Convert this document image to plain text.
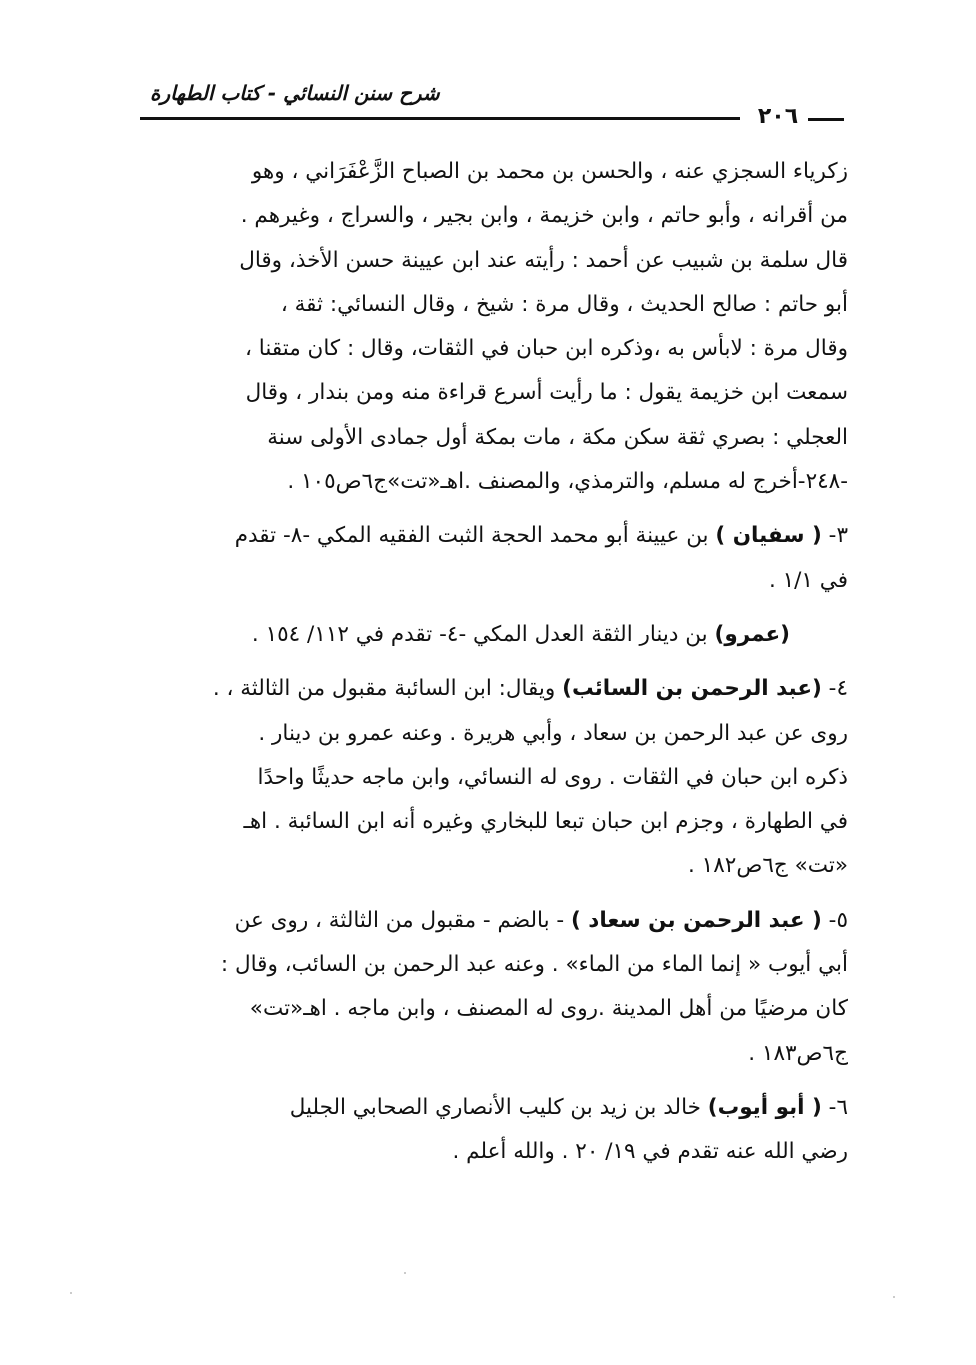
شرح سنن النسائي - كتاب الطهارة
٢٠٦
زكرياء السجزي عنه ، والحسن بن محمد بن الصباح الزَّعْفَرَاني ، وهو
من أقرانه ، وأبو حاتم ، وابن خزيمة ، وابن بجير ، والسراج ، وغيرهم .
قال سلمة بن شبيب عن أحمد : رأيته عند ابن عيينة حسن الأخذ، وقال
أبو حاتم : صالح الحديث ، وقال مرة : شيخ ، وقال النسائي: ثقة ،
وقال مرة : لابأس به ،وذكره ابن حبان في الثقات، وقال : كان متقنا ،
سمعت ابن خزيمة يقول : ما رأيت أسرع قراءة منه ومن بندار ، وقال
العجلي : بصري ثقة سكن مكة ، مات بمكة أول جمادى الأولى سنة
-٢٤٨-أخرج له مسلم، والترمذي، والمصنف .اهـ«تت»ج٦ص١٠٥ .
٣- ( سفيان ) بن عيينة أبو محمد الحجة الثبت الفقيه المكي -٨- تقدم
في ١/١ .
(عمرو) بن دينار الثقة العدل المكي -٤- تقدم في ١١٢/ ١٥٤ .
٤- (عبد الرحمن بن السائب) ويقال: ابن السائبة مقبول من الثالثة ، .
روى عن عبد الرحمن بن سعاد ، وأبي هريرة . وعنه عمرو بن دينار .
ذكره ابن حبان في الثقات . روى له النسائي، وابن ماجه حديثًا واحدًا
في الطهارة ، وجزم ابن حبان تبعا للبخاري وغيره أنه ابن السائبة . اهـ
«تت» ج٦ص١٨٢ .
٥- ( عبد الرحمن بن سعاد ) - بالضم - مقبول من الثالثة ، روى عن
أبي أيوب « إنما الماء من الماء» . وعنه عبد الرحمن بن السائب، وقال :
كان مرضيًا من أهل المدينة .روى له المصنف ، وابن ماجه . اهـ«تت»
ج٦ص١٨٣ .
٦- ( أبو أيوب) خالد بن زيد بن كليب الأنصاري الصحابي الجليل
رضي الله عنه تقدم في ١٩/ ٢٠ . والله أعلم .
